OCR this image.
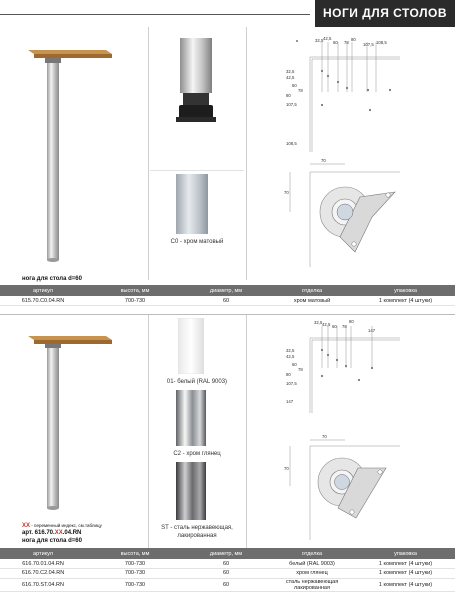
НОГИ ДЛЯ СТОЛОВ
C0 - хром матовый
32,5 42,5
60 78
80
107,5 108,5
32,5
42,5
60
78
80
107,5
108,5
70
70
нога для стола d=60
артикул	высота, мм	диаметр, мм	отделка	упаковка
615.70.C0.04.RN	700-730	60	хром матовый	1 комплект (4 штуки)
01- белый (RAL 9003)
C2 - хром глянец
ST - сталь нержавеющая, лакированная
32,5 42,5 60 78
80
147
32,5
42,5
60
78
80
107,5
147
70
70
XX - переменный индекс, см.таблицу
арт. 616.70.XX.04.RN
нога для стола d=60
артикул	высота, мм	диаметр, мм	отделка	упаковка
616.70.01.04.RN	700-730	60	белый (RAL 9003)	1 комплект (4 штуки)
616.70.C2.04.RN	700-730	60	хром глянец	1 комплект (4 штуки)
616.70.ST.04.RN	700-730	60	сталь нержавеющая лакированная	1 комплект (4 штуки)
